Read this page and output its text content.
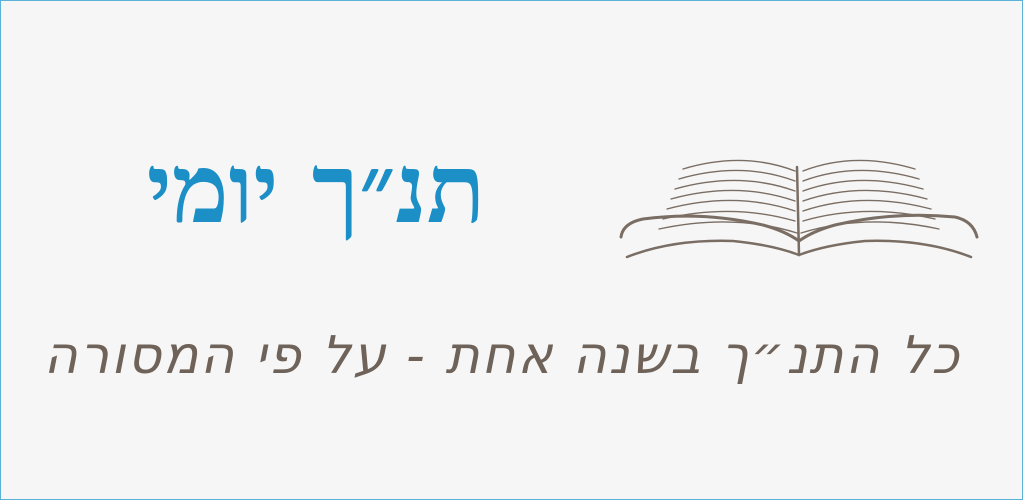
תנ״ך יומי
כל התנ״ך בשנה אחת - על פי המסורה
